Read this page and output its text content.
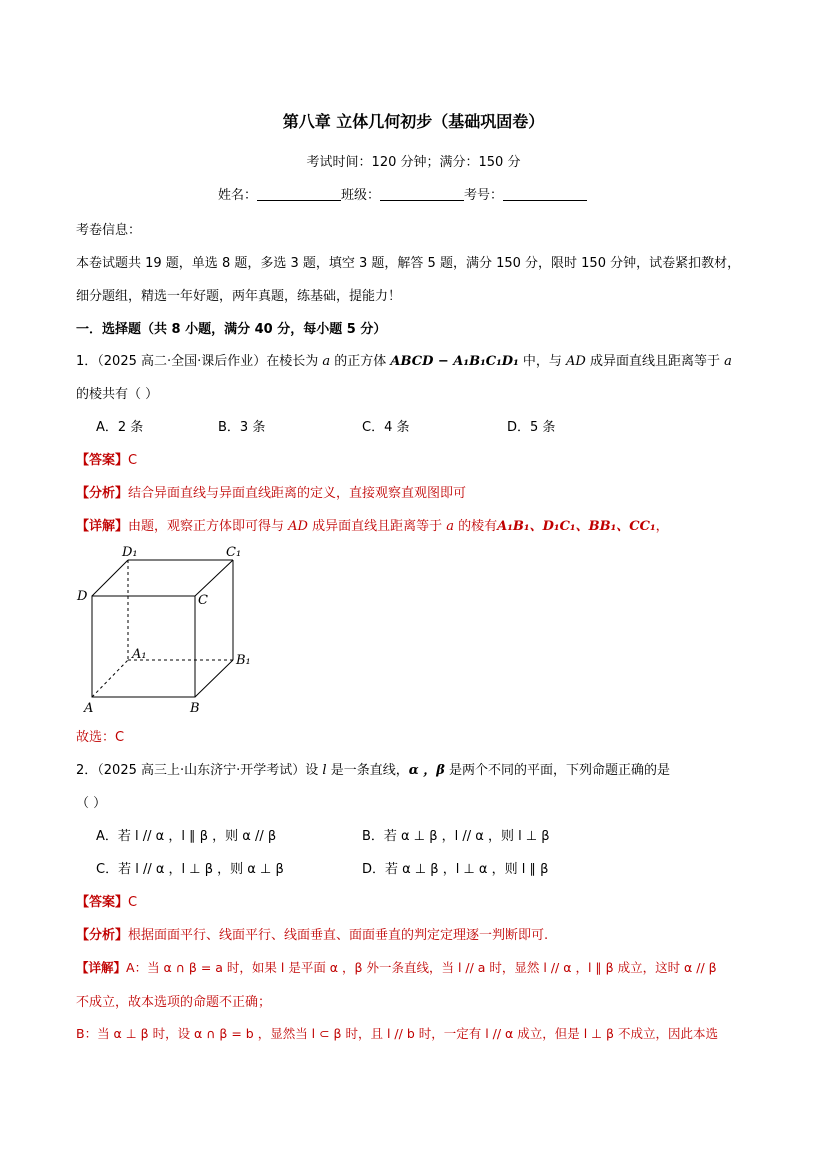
第八章 立体几何初步（基础巩固卷）
考试时间：120 分钟；满分：150 分
姓名：	班级：	考号：
考卷信息：
本卷试题共 19 题，单选 8 题，多选 3 题，填空 3 题，解答 5 题，满分 150 分，限时 150 分钟，试卷紧扣教材，
细分题组，精选一年好题，两年真题，练基础，提能力！
一．选择题（共 8 小题，满分 40 分，每小题 5 分）
1．（2025 高二·全国·课后作业）在棱长为 a 的正方体 ABCD − A₁B₁C₁D₁ 中，与 AD 成异面直线且距离等于 a
的棱共有（ ）
A．2 条	B．3 条	C．4 条	D．5 条
【答案】C
【分析】结合异面直线与异面直线距离的定义，直接观察直观图即可
【详解】由题，观察正方体即可得与 AD 成异面直线且距离等于 a 的棱有A₁B₁、D₁C₁、BB₁、CC₁，
D₁	C₁
D	C
A₁	B₁
A	B
故选：C
2．（2025 高三上·山东济宁·开学考试）设 l 是一条直线，α ，β 是两个不同的平面，下列命题正确的是
（ ）
A．若 l // α ，l ∥ β ，则 α // β	B．若 α ⊥ β ，l // α ，则 l ⊥ β
C．若 l // α ，l ⊥ β ，则 α ⊥ β	D．若 α ⊥ β ，l ⊥ α ，则 l ∥ β
【答案】C
【分析】根据面面平行、线面平行、线面垂直、面面垂直的判定定理逐一判断即可.
【详解】A：当 α ∩ β = a 时，如果 l 是平面 α ，β 外一条直线，当 l // a 时，显然 l // α ，l ∥ β 成立，这时 α // β
不成立，故本选项的命题不正确；
B：当 α ⊥ β 时，设 α ∩ β = b ，显然当 l ⊂ β 时，且 l // b 时，一定有 l // α 成立，但是 l ⊥ β 不成立，因此本选
